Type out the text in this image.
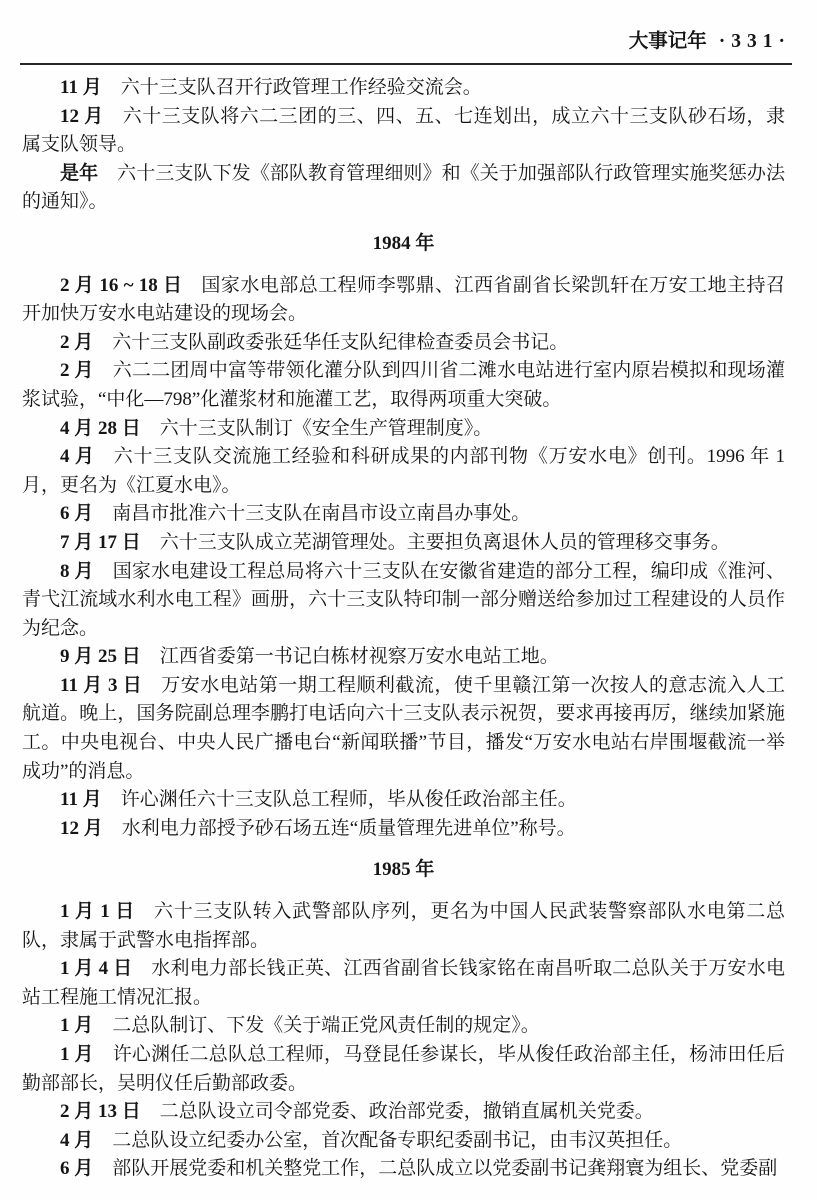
大事记年 ·331·

11 月 六十三支队召开行政管理工作经验交流会。

12 月 六十三支队将六二三团的三、四、五、七连划出，成立六十三支队砂石场，隶属支队领导。

是年 六十三支队下发《部队教育管理细则》和《关于加强部队行政管理实施奖惩办法的通知》。

1984 年

2 月 16 ~ 18 日 国家水电部总工程师李鄂鼎、江西省副省长梁凯轩在万安工地主持召开加快万安水电站建设的现场会。

2 月 六十三支队副政委张廷华任支队纪律检查委员会书记。

2 月 六二二团周中富等带领化灌分队到四川省二滩水电站进行室内原岩模拟和现场灌浆试验，“中化—798”化灌浆材和施灌工艺，取得两项重大突破。

4 月 28 日 六十三支队制订《安全生产管理制度》。

4 月 六十三支队交流施工经验和科研成果的内部刊物《万安水电》创刊。1996 年 1 月，更名为《江夏水电》。

6 月 南昌市批准六十三支队在南昌市设立南昌办事处。

7 月 17 日 六十三支队成立芜湖管理处。主要担负离退休人员的管理移交事务。

8 月 国家水电建设工程总局将六十三支队在安徽省建造的部分工程，编印成《淮河、青弋江流域水利水电工程》画册，六十三支队特印制一部分赠送给参加过工程建设的人员作为纪念。

9 月 25 日 江西省委第一书记白栋材视察万安水电站工地。

11 月 3 日 万安水电站第一期工程顺利截流，使千里赣江第一次按人的意志流入人工航道。晚上，国务院副总理李鹏打电话向六十三支队表示祝贺，要求再接再厉，继续加紧施工。中央电视台、中央人民广播电台“新闻联播”节目，播发“万安水电站右岸围堰截流一举成功”的消息。

11 月 许心渊任六十三支队总工程师，毕从俊任政治部主任。

12 月 水利电力部授予砂石场五连“质量管理先进单位”称号。

1985 年

1 月 1 日 六十三支队转入武警部队序列，更名为中国人民武装警察部队水电第二总队，隶属于武警水电指挥部。

1 月 4 日 水利电力部长钱正英、江西省副省长钱家铭在南昌听取二总队关于万安水电站工程施工情况汇报。

1 月 二总队制订、下发《关于端正党风责任制的规定》。

1 月 许心渊任二总队总工程师，马登昆任参谋长，毕从俊任政治部主任，杨沛田任后勤部部长，吴明仪任后勤部政委。

2 月 13 日 二总队设立司令部党委、政治部党委，撤销直属机关党委。

4 月 二总队设立纪委办公室，首次配备专职纪委副书记，由韦汉英担任。

6 月 部队开展党委和机关整党工作，二总队成立以党委副书记龚翔寰为组长、党委副
